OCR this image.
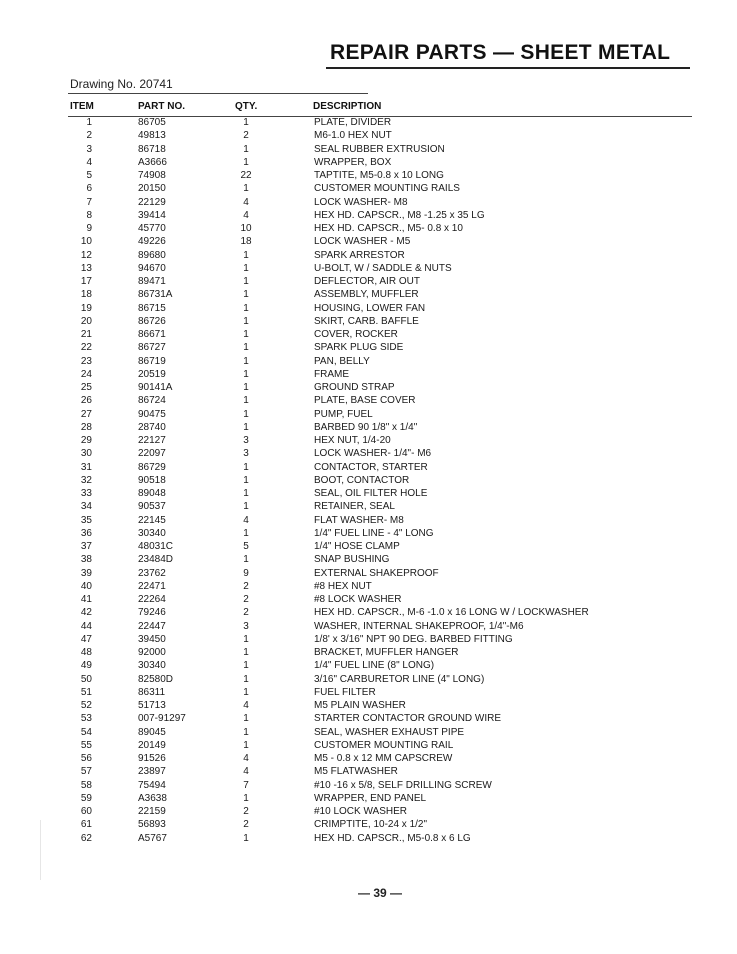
REPAIR PARTS — SHEET METAL
Drawing No. 20741
ITEM	PART NO.	QTY.	DESCRIPTION
1	86705	1	PLATE, DIVIDER
2	49813	2	M6-1.0 HEX NUT
3	86718	1	SEAL RUBBER EXTRUSION
4	A3666	1	WRAPPER, BOX
5	74908	22	TAPTITE, M5-0.8 x 10 LONG
6	20150	1	CUSTOMER MOUNTING RAILS
7	22129	4	LOCK WASHER- M8
8	39414	4	HEX HD. CAPSCR., M8 -1.25 x 35 LG
9	45770	10	HEX HD. CAPSCR., M5- 0.8 x 10
10	49226	18	LOCK WASHER - M5
12	89680	1	SPARK ARRESTOR
13	94670	1	U-BOLT, W / SADDLE & NUTS
17	89471	1	DEFLECTOR, AIR OUT
18	86731A	1	ASSEMBLY, MUFFLER
19	86715	1	HOUSING, LOWER FAN
20	86726	1	SKIRT, CARB. BAFFLE
21	86671	1	COVER, ROCKER
22	86727	1	SPARK PLUG SIDE
23	86719	1	PAN, BELLY
24	20519	1	FRAME
25	90141A	1	GROUND STRAP
26	86724	1	PLATE, BASE COVER
27	90475	1	PUMP, FUEL
28	28740	1	BARBED 90 1/8" x 1/4"
29	22127	3	HEX NUT, 1/4-20
30	22097	3	LOCK WASHER- 1/4"- M6
31	86729	1	CONTACTOR, STARTER
32	90518	1	BOOT, CONTACTOR
33	89048	1	SEAL, OIL FILTER HOLE
34	90537	1	RETAINER, SEAL
35	22145	4	FLAT WASHER- M8
36	30340	1	1/4" FUEL LINE - 4" LONG
37	48031C	5	1/4" HOSE CLAMP
38	23484D	1	SNAP BUSHING
39	23762	9	EXTERNAL SHAKEPROOF
40	22471	2	#8 HEX NUT
41	22264	2	#8 LOCK WASHER
42	79246	2	HEX HD. CAPSCR., M-6 -1.0 x 16 LONG W / LOCKWASHER
44	22447	3	WASHER, INTERNAL SHAKEPROOF, 1/4"-M6
47	39450	1	1/8' x 3/16" NPT 90 DEG. BARBED FITTING
48	92000	1	BRACKET, MUFFLER HANGER
49	30340	1	1/4" FUEL LINE (8" LONG)
50	82580D	1	3/16" CARBURETOR LINE (4" LONG)
51	86311	1	FUEL FILTER
52	51713	4	M5 PLAIN WASHER
53	007-91297	1	STARTER CONTACTOR GROUND WIRE
54	89045	1	SEAL, WASHER EXHAUST PIPE
55	20149	1	CUSTOMER MOUNTING RAIL
56	91526	4	M5 - 0.8 x 12 MM CAPSCREW
57	23897	4	M5 FLATWASHER
58	75494	7	#10 -16 x 5/8, SELF DRILLING SCREW
59	A3638	1	WRAPPER, END PANEL
60	22159	2	#10 LOCK WASHER
61	56893	2	CRIMPTITE, 10-24 x 1/2"
62	A5767	1	HEX HD. CAPSCR., M5-0.8 x 6 LG
— 39 —
